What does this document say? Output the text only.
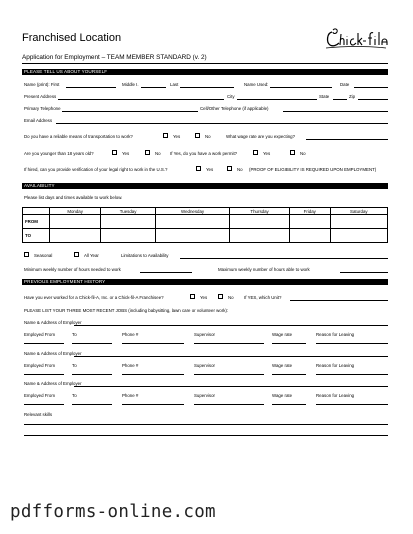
Franchised Location
Application for Employment – TEAM MEMBER STANDARD (v. 2)
PLEASE TELL US ABOUT YOURSELF
Name (print): First	Middle I.	Last	Name Used:	Date
Present Address	City	State	Zip
Primary Telephone	Cell/Other Telephone (if applicable)
Email Address
Do you have a reliable means of transportation to work?	Yes	No	What wage rate are you expecting?
Are you younger than 18 years old?	Yes	No If Yes, do you have a work permit?	Yes	No
If hired, can you provide verification of your legal right to work in the U.S.?	Yes	No (PROOF OF ELIGIBILITY IS REQUIRED UPON EMPLOYMENT)
AVAILABILITY
Please list days and times available to work below.
	Monday	Tuesday	Wednesday	Thursday	Friday	Saturday
FROM						
TO						
Seasonal	All Year	Limitations to Availability
Minimum weekly number of hours needed to work	Maximum weekly number of hours able to work
PREVIOUS EMPLOYMENT HISTORY
Have you ever worked for a Chick-fil-A, Inc. or a Chick-fil-A Franchisee?	Yes	No If YES, which Unit?
PLEASE LIST YOUR THREE MOST RECENT JOBS (including babysitting, lawn care or volunteer work):
Name & Address of Employer
Employed From	To	Phone #	Supervisor	Wage rate	Reason for Leaving
Name & Address of Employer
Employed From	To	Phone #	Supervisor	Wage rate	Reason for Leaving
Name & Address of Employer
Employed From	To	Phone #	Supervisor	Wage rate	Reason for Leaving
Relevant skills
pdfforms-online.com
